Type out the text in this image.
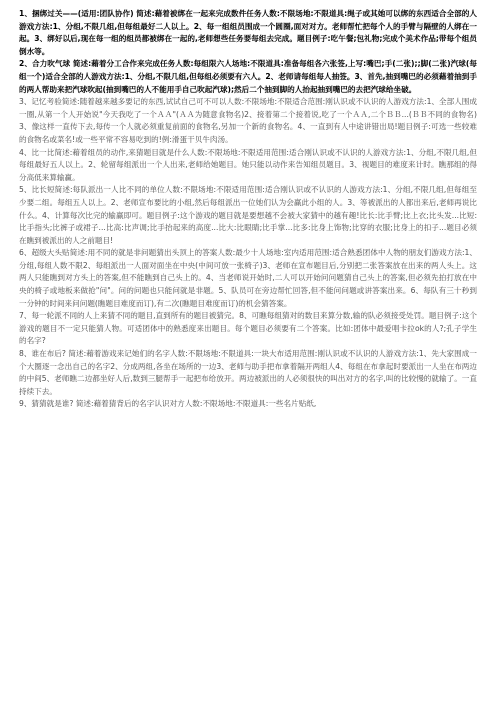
1、捆绑过关——(适用:团队协作) 简述:藉着被绑在一起来完成数件任务人数:不限场地:不限道具:绳子或其她可以绑的东西适合全部的人游戏方法:1、分组,不限几组,但每组最好二人以上。2、每一组组员围成一个圆圈,面对对方。老师帮忙把每个人的手臂与隔壁的人绑在一起。3、绑好以后,现在每一组的组员都被绑在一起的,老师想些任务要每组去完成。题目例子:吃午餐;包礼物;完成个美术作品;带每个组员倒水等。

2、合力吹气球 简述:藉着分工合作来完成任务人数:每组限六人场地:不限道具:准备每组各六张签,上写:嘴巴;手(二张);;脚(二张)汽球(每组一个)适合全部的人游戏方法:1、分组,不限几组,但每组必须要有六人。2、老师请每组每人抽签。3、首先,抽到嘴巴的必须藉着抽到手的两人帮助来把汽球吹起(抽到嘴巴的人不能用手自己吹起汽球);然后二个抽到脚的人抬起抽到嘴巴的去把汽球给坐破。

3、记忆考验简述:随着越来越多要记的东西,试试自己可不可以人数:不限场地:不限适合范围:刚认识或不认识的人游戏方法:1、全部人围成一圈,从第一个人开始说"今天我吃了一个ＡＡ"(ＡＡ为随意食物名)2、接着第二个接着说,吃了一个ＡＡ,二个ＢＢ...(ＢＢ不同的食物名)3、像这样一直传下去,每传一个人就必须重复前面的食物名,另加一个新的食物名。4、一直到有人中途讲错出局!题目例子:可选一些较难的食物名或菜名!或一些平常不容易吃到的!例:滑蛋干贝牛肉汤。

4、比一比简述:藉着组员的动作,来猜题目就是什么人数:不限场地:不限适用范围:适合刚认识或不认识的人游戏方法:1、分组,不限几组,但每组最好五人以上。2、轮留每组派出一个人出来,老师给她题目。她只能以动作来告知组员题目。3、视题目的难度来计时。瞧那组的得分高低来算输赢。

5、比长短简述:每队派出一人比不同的单位人数:不限场地:不限适用范围:适合刚认识或不认识的人游戏方法:1、分组,不限几组,但每组至少要二组。每组五人以上。2、老师宣布要比的小组,然后每组派出一位她们认为会赢此小组的人。3、等被派出的人都出来后,老师再说比什么。4、计算每次比完的输赢即可。题目例子:这个游戏的题目就是要想越不会被大家猜中的越有趣!比长:比手臂;比上衣;比头发...比短:比手指头;比裤子或裙子...比高:比声调;比手抬起来的高度...比大:比眼睛;比手掌...比多:比身上饰物;比穿的衣服;比身上的扣子...题目必须在瞧到被派出的人之前题目!

6、超级大头贴简述:用不同的就是非问题猜出头顶上的答案人数:最少十人场地:室内适用范围:适合熟悉团体中人物的朋友们游戏方法:1、分组,每组人数不限2、每组派出一人面对面坐在中央(中间可放一张椅子)3、老师在宣布题目后,分别把二张答案放在出来的两人头上。这两人只能瞧到对方头上的答案,但不能瞧到自己头上的。4、当老师说开始时,二人可以开始问问题猜自己头上的答案,但必须先拍打放在中央的椅子或地板来做抢"问"。问的问题也只能问就是非题。5、队员可在旁边帮忙回答,但不能问问题或讲答案出来。6、每队有三十秒到一分钟的时间来问问题(瞧题目难度而订),有二次(瞧题目难度而订)的机会猜答案。

7、每一轮派不同的人上来猜不同的题目,直到所有的题目被猜完。8、可瞧每组猜对的数目来算分数,输的队必须接受处罚。题目例子:这个游戏的题目不一定只能猜人物。可适团体中的熟悉度来出题目。每个题目必须要有二个答案。比如:团体中最爱唱卡拉ok的人?;孔子学生的名字?

8、谁在布后? 简述:藉着游戏来记她们的名字人数:不限场地:不限道具:一块大布适用范围:刚认识或不认识的人游戏方法:1、先大家围成一个大圈逐一念出自己的名字2、分成两组,各坐在场所的一边3、老师与助手把布拿着隔开两组人4、每组在布拿起时要派出一人坐在布两边的中间5、老师瞧二边都坐好人后,数到三腿帮手一起把布给放开。两边被派出的人必须很快的叫出对方的名字,叫的比较慢的就输了。一直持续下去。

9、猜猜就是谁? 简述:藉着猜背后的名字认识对方人数:不限场地:不限道具:一些名片贴纸,
